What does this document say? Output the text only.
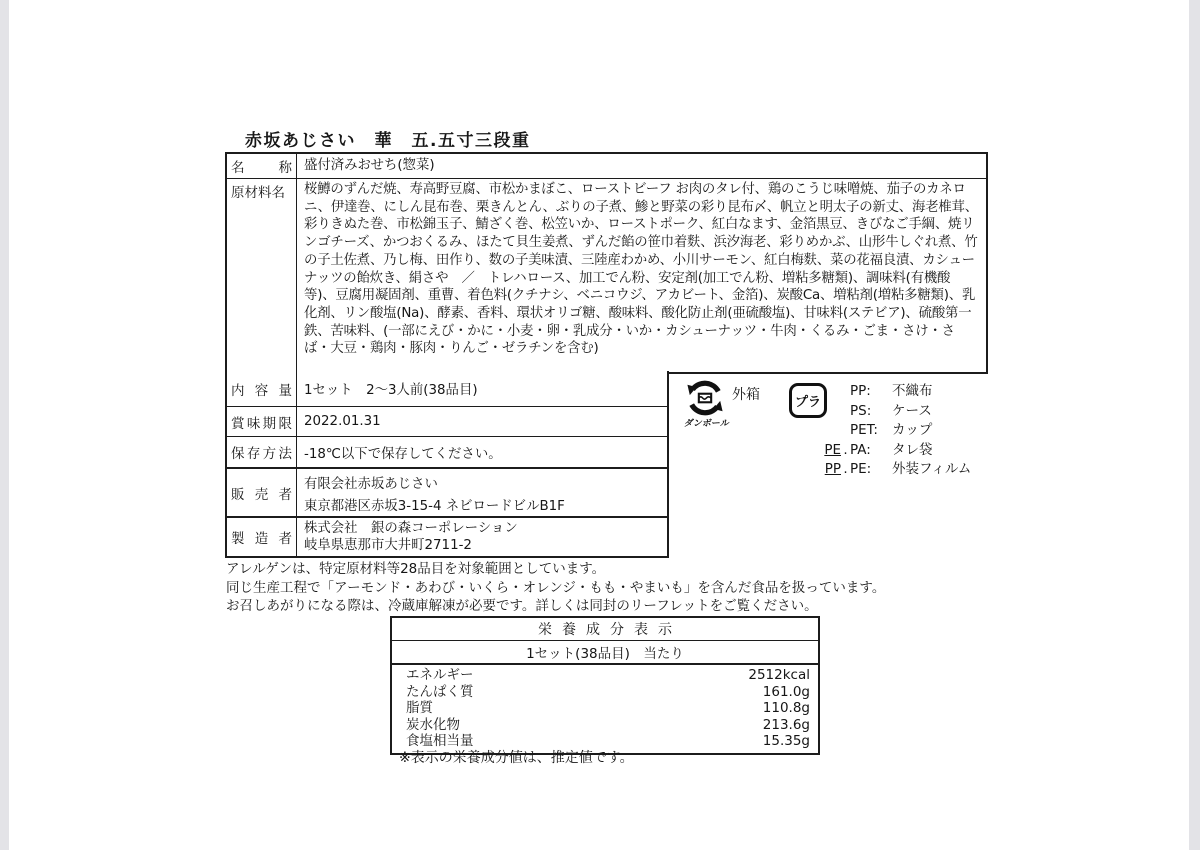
赤坂あじさい　華　五.五寸三段重
名称 盛付済みおせち(惣菜)
原材料名	桜鱒のずんだ焼、寿高野豆腐、市松かまぼこ、ローストビーフ お肉のタレ付、鶏のこうじ味噌焼、茄子のカネロニ、伊達巻、にしん昆布巻、栗きんとん、ぶりの子煮、鯵と野菜の彩り昆布〆、帆立と明太子の新丈、海老椎茸、彩りきぬた巻、市松錦玉子、鯖ざく巻、松笠いか、ローストポーク、紅白なます、金箔黒豆、きびなご手綱、焼リンゴチーズ、かつおくるみ、ほたて貝生姜煮、ずんだ餡の笹巾着麩、浜汐海老、彩りめかぶ、山形牛しぐれ煮、竹の子土佐煮、乃し梅、田作り、数の子美味漬、三陸産わかめ、小川サーモン、紅白梅麩、菜の花福良漬、カシューナッツの飴炊き、絹さや　／　トレハロース、加工でん粉、安定剤(加工でん粉、増粘多糖類)、調味料(有機酸等)、豆腐用凝固剤、重曹、着色料(クチナシ、ベニコウジ、アカビート、金箔)、炭酸Ca、増粘剤(増粘多糖類)、乳化剤、リン酸塩(Na)、酵素、香料、環状オリゴ糖、酸味料、酸化防止剤(亜硫酸塩)、甘味料(ステビア)、硫酸第一鉄、苦味料、(一部にえび・かに・小麦・卵・乳成分・いか・カシューナッツ・牛肉・くるみ・ごま・さけ・さば・大豆・鶏肉・豚肉・りんご・ゼラチンを含む)
内容量 1セット　2～3人前(38品目)
賞味期限 2022.01.31
保存方法 -18℃以下で保存してください。
販売者
有限会社赤坂あじさい
東京都港区赤坂3-15-4 ネビロードビルB1F
製造者
株式会社　銀の森コーポレーション
岐阜県恵那市大井町2711-2
ダンボール
外箱	プラ
PP:	不織布
PS:	ケース
PET:	カップ
PE . PA:	タレ袋
PP . PE:	外装フィルム
アレルゲンは、特定原材料等28品目を対象範囲としています。
同じ生産工程で「アーモンド・あわび・いくら・オレンジ・もも・やまいも」を含んだ食品を扱っています。
お召しあがりになる際は、冷蔵庫解凍が必要です。詳しくは同封のリーフレットをご覧ください。
栄養成分表示
1セット(38品目)　当たり
エネルギー	2512kcal
たんぱく質	161.0g
脂質	110.8g
炭水化物	213.6g
食塩相当量	15.35g
※表示の栄養成分値は、推定値です。
